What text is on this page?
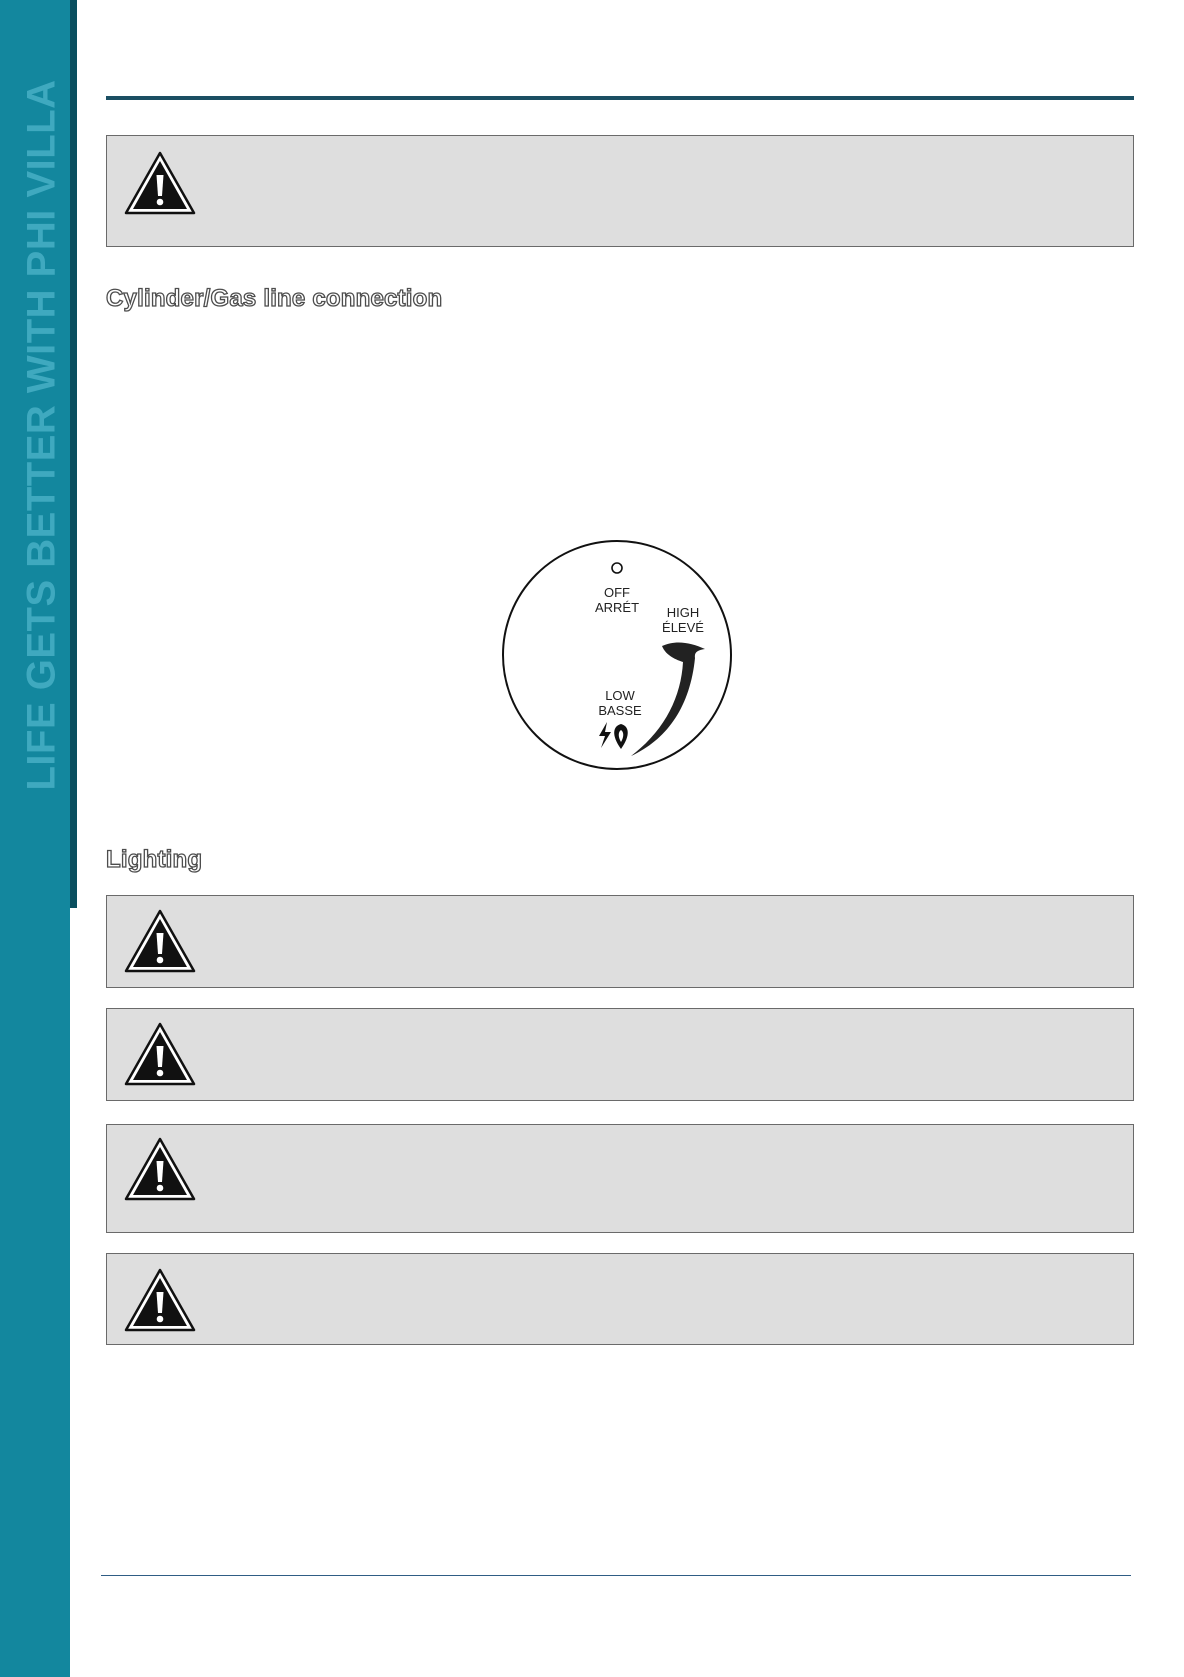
LIFE GETS BETTER WITH PHI VILLA Cylinder/Gas line connection
OFF
ARRÉT HIGH
ÉLEVÉ
LOW
BASSE
Lighting
